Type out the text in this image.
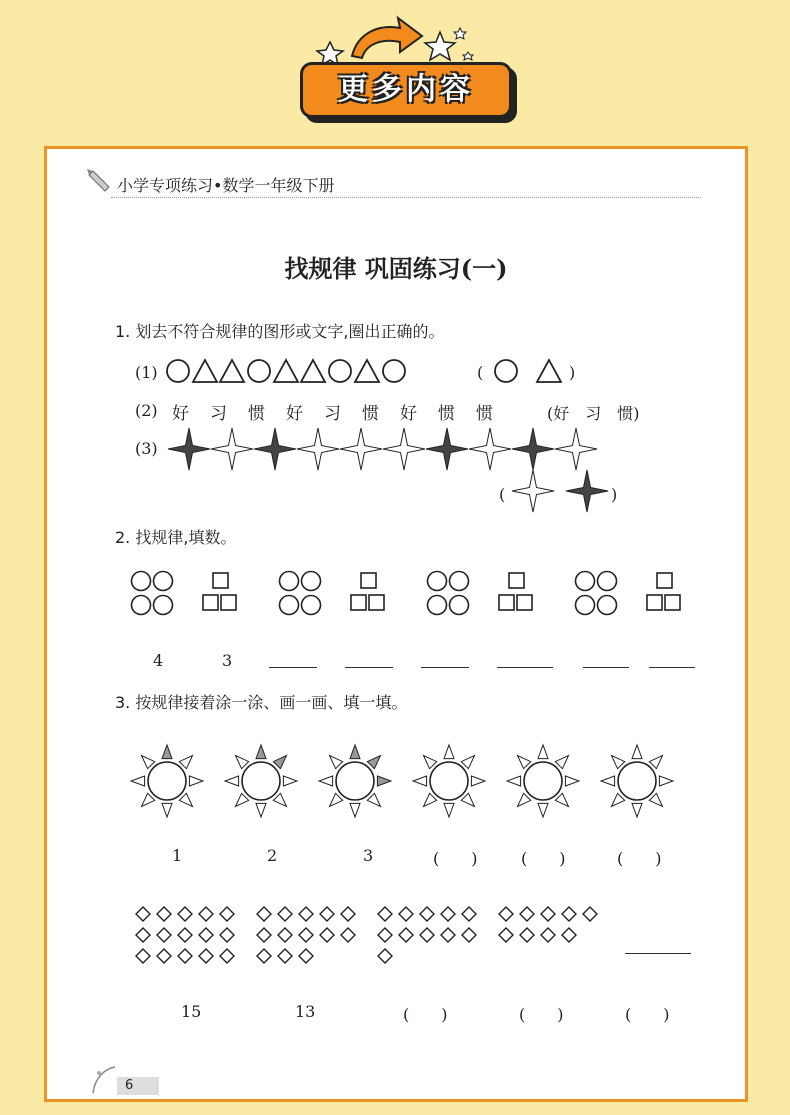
更多内容
小学专项练习•数学一年级下册
找规律 巩固练习(一)
1. 划去不符合规律的图形或文字,圈出正确的。
(1)	(	)
(2) 好 习 惯 好 习 惯 好 惯 惯	(好　习　惯)
(3)
(	)
2. 找规律,填数。
4	3
3. 按规律接着涂一涂、画一画、填一填。
1	2	3	(　　)	(　　)	(　　)
15	13	(　　)	(　　)	(　　)
6
